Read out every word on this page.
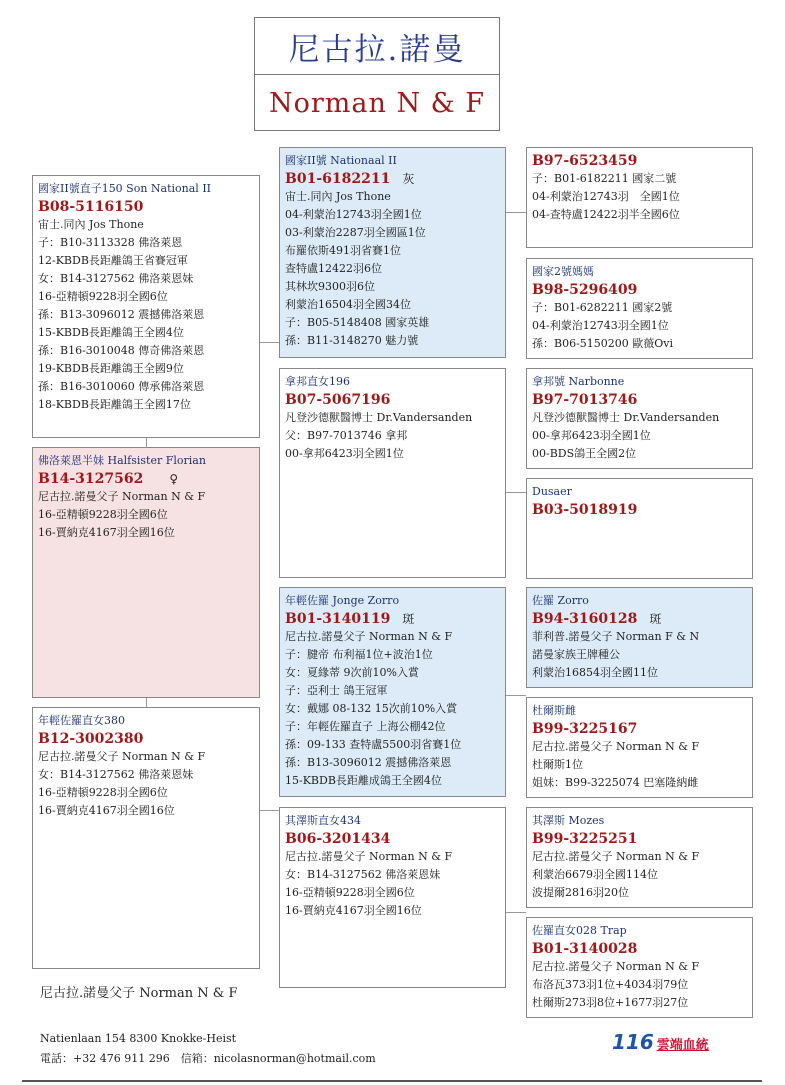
尼古拉.諾曼
Norman N & F
國家II號直子150 Son National II
B08-5116150
宙士.同內 Jos Thone
子：B10-3113328 佛洛萊恩
12-KBDB長距離鴿王省賽冠軍
女：B14-3127562 佛洛萊恩妹
16-亞精頓9228羽全國6位
孫：B13-3096012 震撼佛洛萊恩
15-KBDB長距離鴿王全國4位
孫：B16-3010048 傳奇佛洛萊恩
19-KBDB長距離鴿王全國9位
孫：B16-3010060 傳承佛洛萊恩
18-KBDB長距離鴿王全國17位
佛洛萊恩半妹 Halfsister Florian
B14-3127562 ♀
尼古拉.諾曼父子 Norman N & F
16-亞精頓9228羽全國6位
16-賈納克4167羽全國16位
年輕佐羅直女380
B12-3002380
尼古拉.諾曼父子 Norman N & F
女：B14-3127562 佛洛萊恩妹
16-亞精頓9228羽全國6位
16-賈納克4167羽全國16位
國家II號 Nationaal II
B01-6182211 灰
宙士.同內 Jos Thone
04-利蒙治12743羽全國1位
03-利蒙治2287羽全國區1位
布羅依斯491羽省賽1位
查特盧12422羽6位
其林坎9300羽6位
利蒙治16504羽全國34位
子：B05-5148408 國家英雄
孫：B11-3148270 魅力號
拿邦直女196
B07-5067196
凡登沙德獸醫博士 Dr.Vandersanden
父：B97-7013746 拿邦
00-拿邦6423羽全國1位
年輕佐羅 Jonge Zorro
B01-3140119 斑
尼古拉.諾曼父子 Norman N & F
子：腱帝 布利福1位+波治1位
女：夏緣蒂 9次前10%入賞
子：亞利士 鴿王冠軍
女：戴娜 08-132 15次前10%入賞
子：年輕佐羅直子 上海公棚42位
孫：09-133 查特盧5500羽省賽1位
孫：B13-3096012 震撼佛洛萊恩
15-KBDB長距離成鴿王全國4位
其澤斯直女434
B06-3201434
尼古拉.諾曼父子 Norman N & F
女：B14-3127562 佛洛萊恩妹
16-亞精頓9228羽全國6位
16-賈納克4167羽全國16位
B97-6523459
子：B01-6182211 國家二號
04-利蒙治12743羽　全國1位
04-查特盧12422羽半全國6位
國家2號媽媽
B98-5296409
子：B01-6282211 國家2號
04-利蒙治12743羽全國1位
孫：B06-5150200 歐薇Ovi
拿邦號 Narbonne
B97-7013746
凡登沙德獸醫博士 Dr.Vandersanden
00-拿邦6423羽全國1位
00-BDS鴿王全國2位
Dusaer
B03-5018919
佐羅 Zorro
B94-3160128 斑
菲利普.諾曼父子 Norman F & N
諾曼家族王牌種公
利蒙治16854羽全國11位
杜爾斯雌
B99-3225167
尼古拉.諾曼父子 Norman N & F
杜爾斯1位
姐妹：B99-3225074 巴塞隆納雌
其澤斯 Mozes
B99-3225251
尼古拉.諾曼父子 Norman N & F
利蒙治6679羽全國114位
波提爾2816羽20位
佐羅直女028 Trap
B01-3140028
尼古拉.諾曼父子 Norman N & F
布洛瓦373羽1位+4034羽79位
杜爾斯273羽8位+1677羽27位
尼古拉.諾曼父子 Norman N & F
Natienlaan 154 8300 Knokke-Heist
電話：+32 476 911 296　信箱：nicolasnorman@hotmail.com
116 雲端血統
